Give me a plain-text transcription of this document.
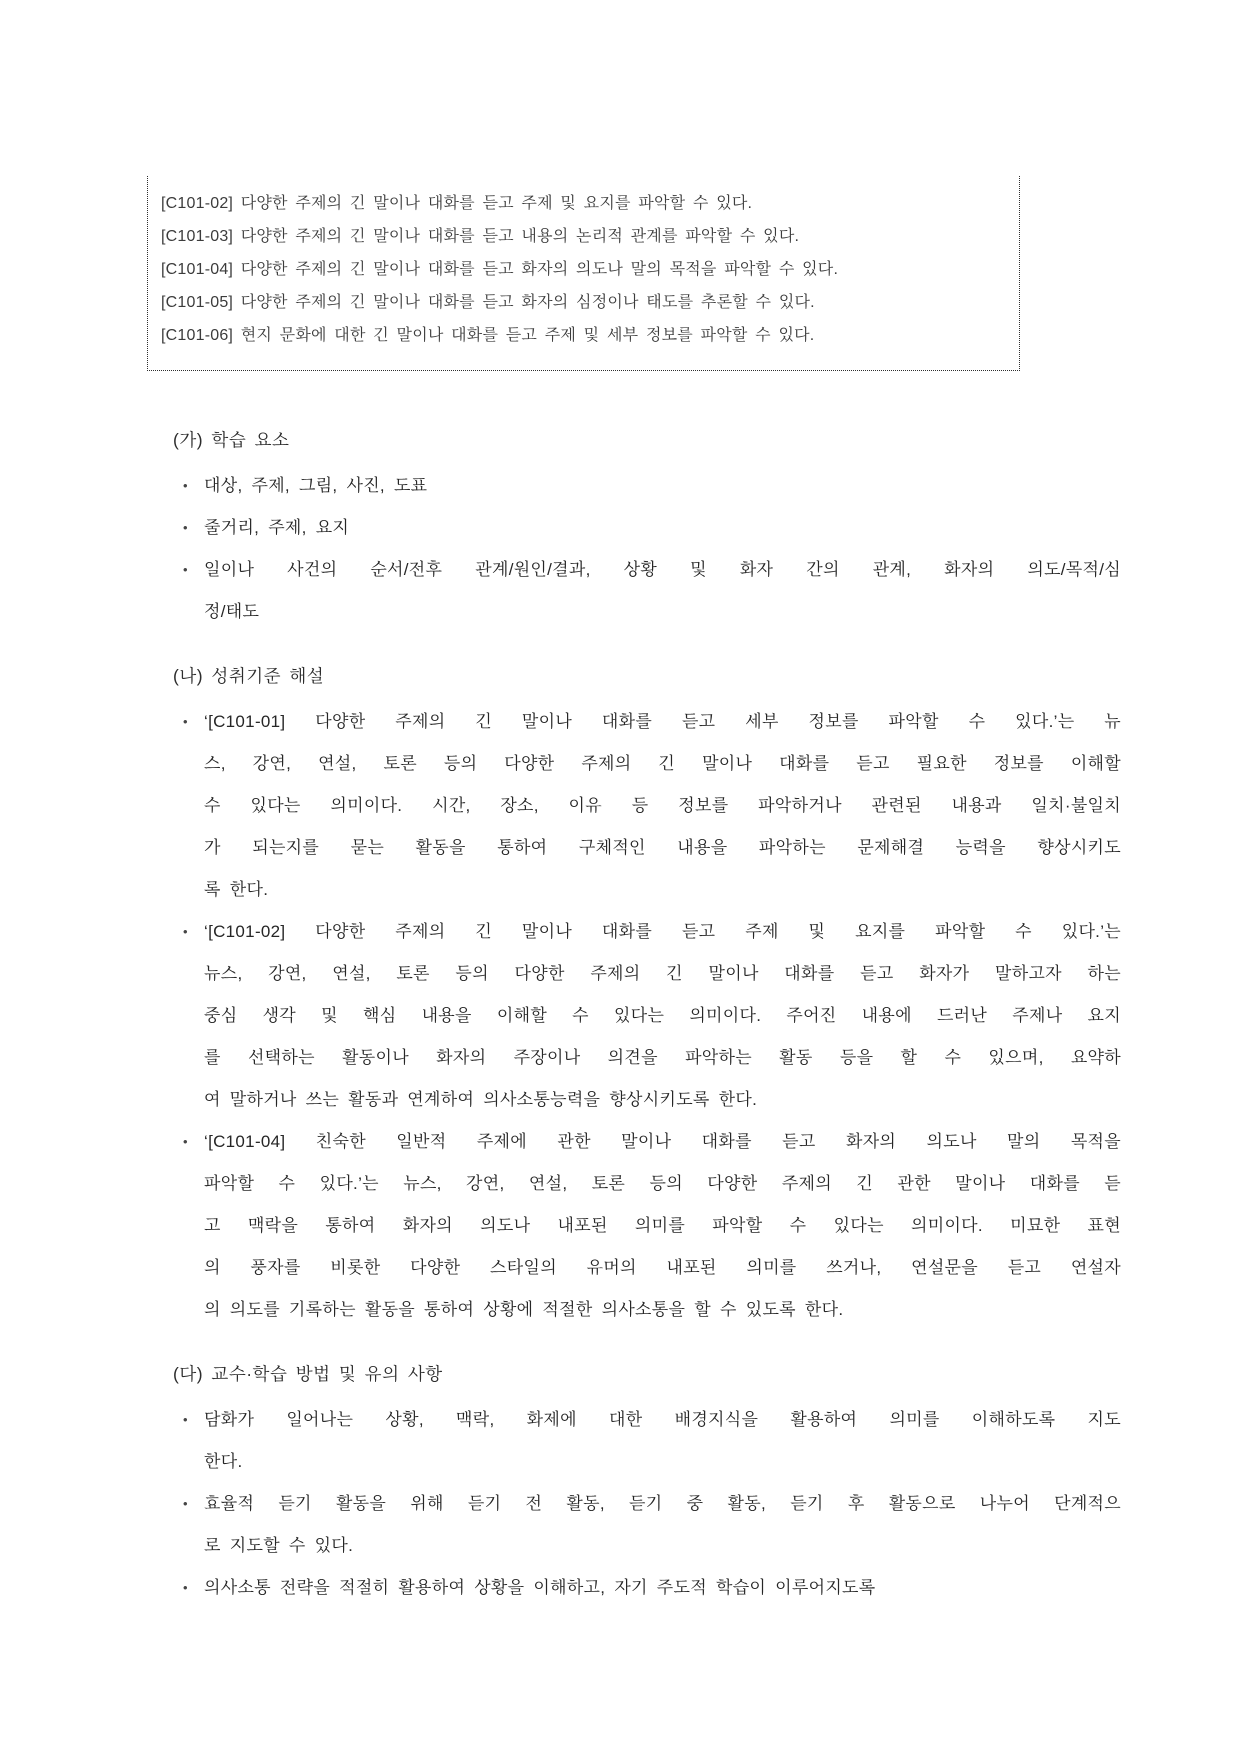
[C101-02] 다양한 주제의 긴 말이나 대화를 듣고 주제 및 요지를 파악할 수 있다.
[C101-03] 다양한 주제의 긴 말이나 대화를 듣고 내용의 논리적 관계를 파악할 수 있다.
[C101-04] 다양한 주제의 긴 말이나 대화를 듣고 화자의 의도나 말의 목적을 파악할 수 있다.
[C101-05] 다양한 주제의 긴 말이나 대화를 듣고 화자의 심정이나 태도를 추론할 수 있다.
[C101-06] 현지 문화에 대한 긴 말이나 대화를 듣고 주제 및 세부 정보를 파악할 수 있다.
(가) 학습 요소
• 대상, 주제, 그림, 사진, 도표
• 줄거리, 주제, 요지
• 일이나 사건의 순서/전후 관계/원인/결과, 상황 및 화자 간의 관계, 화자의 의도/목적/심
정/태도
(나) 성취기준 해설
• ‘[C101-01] 다양한 주제의 긴 말이나 대화를 듣고 세부 정보를 파악할 수 있다.’는 뉴
스, 강연, 연설, 토론 등의 다양한 주제의 긴 말이나 대화를 듣고 필요한 정보를 이해할
수 있다는 의미이다. 시간, 장소, 이유 등 정보를 파악하거나 관련된 내용과 일치·불일치
가 되는지를 묻는 활동을 통하여 구체적인 내용을 파악하는 문제해결 능력을 향상시키도
록 한다.
• ‘[C101-02] 다양한 주제의 긴 말이나 대화를 듣고 주제 및 요지를 파악할 수 있다.’는
뉴스, 강연, 연설, 토론 등의 다양한 주제의 긴 말이나 대화를 듣고 화자가 말하고자 하는
중심 생각 및 핵심 내용을 이해할 수 있다는 의미이다. 주어진 내용에 드러난 주제나 요지
를 선택하는 활동이나 화자의 주장이나 의견을 파악하는 활동 등을 할 수 있으며, 요약하
여 말하거나 쓰는 활동과 연계하여 의사소통능력을 향상시키도록 한다.
• ‘[C101-04] 친숙한 일반적 주제에 관한 말이나 대화를 듣고 화자의 의도나 말의 목적을
파악할 수 있다.’는 뉴스, 강연, 연설, 토론 등의 다양한 주제의 긴 관한 말이나 대화를 듣
고 맥락을 통하여 화자의 의도나 내포된 의미를 파악할 수 있다는 의미이다. 미묘한 표현
의 풍자를 비롯한 다양한 스타일의 유머의 내포된 의미를 쓰거나, 연설문을 듣고 연설자
의 의도를 기록하는 활동을 통하여 상황에 적절한 의사소통을 할 수 있도록 한다.
(다) 교수·학습 방법 및 유의 사항
• 담화가 일어나는 상황, 맥락, 화제에 대한 배경지식을 활용하여 의미를 이해하도록 지도
한다.
• 효율적 듣기 활동을 위해 듣기 전 활동, 듣기 중 활동, 듣기 후 활동으로 나누어 단계적으
로 지도할 수 있다.
• 의사소통 전략을 적절히 활용하여 상황을 이해하고, 자기 주도적 학습이 이루어지도록
